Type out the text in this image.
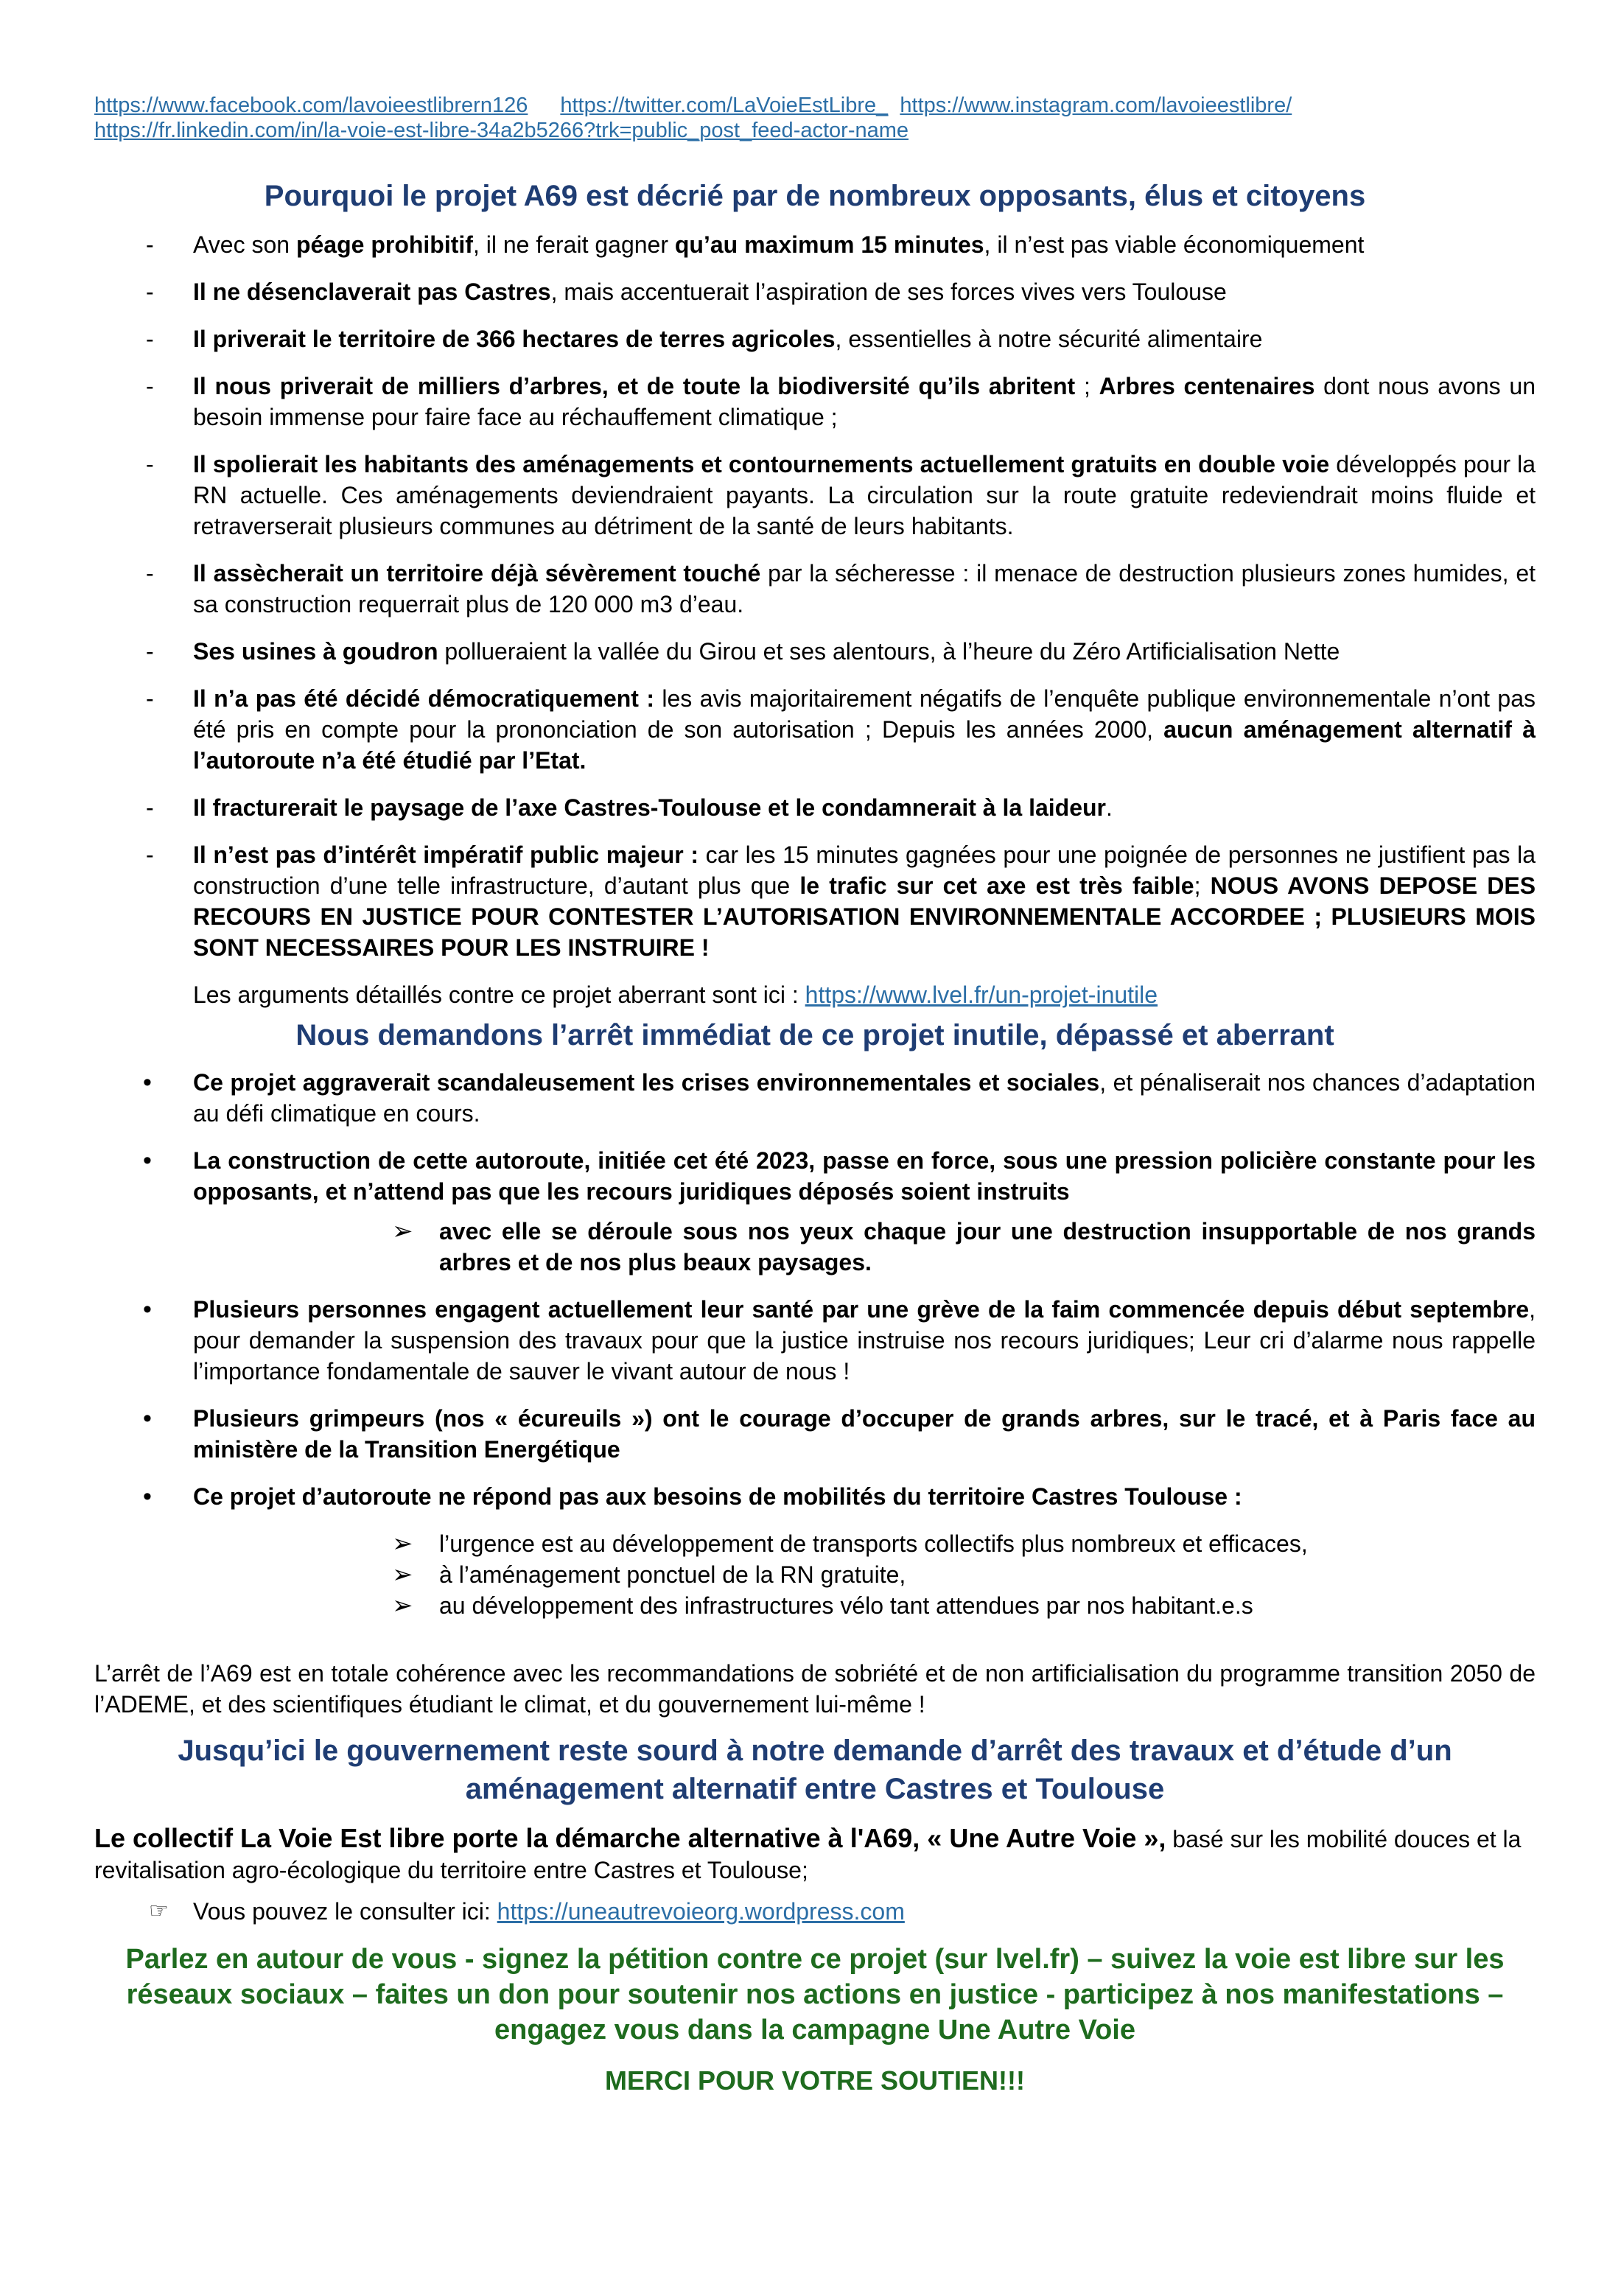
https://www.facebook.com/lavoieestlibrern126 https://twitter.com/LaVoieEstLibre_ https://www.instagram.com/lavoieestlibre/
https://fr.linkedin.com/in/la-voie-est-libre-34a2b5266?trk=public_post_feed-actor-name
Pourquoi le projet A69 est décrié par de nombreux opposants, élus et citoyens
- Avec son péage prohibitif, il ne ferait gagner qu’au maximum 15 minutes, il n’est pas viable économiquement

- Il ne désenclaverait pas Castres, mais accentuerait l’aspiration de ses forces vives vers Toulouse

- Il priverait le territoire de 366 hectares de terres agricoles, essentielles à notre sécurité alimentaire

- Il nous priverait de milliers d’arbres, et de toute la biodiversité qu’ils abritent ; Arbres centenaires dont nous avons un besoin immense pour faire face au réchauffement climatique ;

- Il spolierait les habitants des aménagements et contournements actuellement gratuits en double voie développés pour la RN actuelle. Ces aménagements deviendraient payants. La circulation sur la route gratuite redeviendrait moins fluide et retraverserait plusieurs communes au détriment de la santé de leurs habitants.

- Il assècherait un territoire déjà sévèrement touché par la sécheresse : il menace de destruction plusieurs zones humides, et sa construction requerrait plus de 120 000 m3 d’eau.

- Ses usines à goudron pollueraient la vallée du Girou et ses alentours, à l’heure du Zéro Artificialisation Nette

- Il n’a pas été décidé démocratiquement : les avis majoritairement négatifs de l’enquête publique environnementale n’ont pas été pris en compte pour la prononciation de son autorisation ; Depuis les années 2000, aucun aménagement alternatif à l’autoroute n’a été étudié par l’Etat.

- Il fracturerait le paysage de l’axe Castres-Toulouse et le condamnerait à la laideur.

- Il n’est pas d’intérêt impératif public majeur : car les 15 minutes gagnées pour une poignée de personnes ne justifient pas la construction d’une telle infrastructure, d’autant plus que le trafic sur cet axe est très faible; NOUS AVONS DEPOSE DES RECOURS EN JUSTICE POUR CONTESTER L’AUTORISATION ENVIRONNEMENTALE ACCORDEE ; PLUSIEURS MOIS SONT NECESSAIRES POUR LES INSTRUIRE !

Les arguments détaillés contre ce projet aberrant sont ici : https://www.lvel.fr/un-projet-inutile
Nous demandons l’arrêt immédiat de ce projet inutile, dépassé et aberrant
• Ce projet aggraverait scandaleusement les crises environnementales et sociales, et pénaliserait nos chances d’adaptation au défi climatique en cours.
• La construction de cette autoroute, initiée cet été 2023, passe en force, sous une pression policière constante pour les opposants, et n’attend pas que les recours juridiques déposés soient instruits
➢ avec elle se déroule sous nos yeux chaque jour une destruction insupportable de nos grands arbres et de nos plus beaux paysages.
• Plusieurs personnes engagent actuellement leur santé par une grève de la faim commencée depuis début septembre, pour demander la suspension des travaux pour que la justice instruise nos recours juridiques; Leur cri d’alarme nous rappelle l’importance fondamentale de sauver le vivant autour de nous !
• Plusieurs grimpeurs (nos « écureuils ») ont le courage d’occuper de grands arbres, sur le tracé, et à Paris face au ministère de la Transition Energétique
• Ce projet d’autoroute ne répond pas aux besoins de mobilités du territoire Castres Toulouse :
➢ l’urgence est au développement de transports collectifs plus nombreux et efficaces,
➢ à l’aménagement ponctuel de la RN gratuite,
➢ au développement des infrastructures vélo tant attendues par nos habitant.e.s
L’arrêt de l’A69 est en totale cohérence avec les recommandations de sobriété et de non artificialisation du programme transition 2050 de l’ADEME, et des scientifiques étudiant le climat, et du gouvernement lui-même !
Jusqu’ici le gouvernement reste sourd à notre demande d’arrêt des travaux et d’étude d’un aménagement alternatif entre Castres et Toulouse
Le collectif La Voie Est libre porte la démarche alternative à l'A69, « Une Autre Voie », basé sur les mobilité douces et la revitalisation agro-écologique du territoire entre Castres et Toulouse;
☞ Vous pouvez le consulter ici: https://uneautrevoieorg.wordpress.com
Parlez en autour de vous - signez la pétition contre ce projet (sur lvel.fr) – suivez la voie est libre sur les réseaux sociaux – faites un don pour soutenir nos actions en justice - participez à nos manifestations – engagez vous dans la campagne Une Autre Voie
MERCI POUR VOTRE SOUTIEN!!!
